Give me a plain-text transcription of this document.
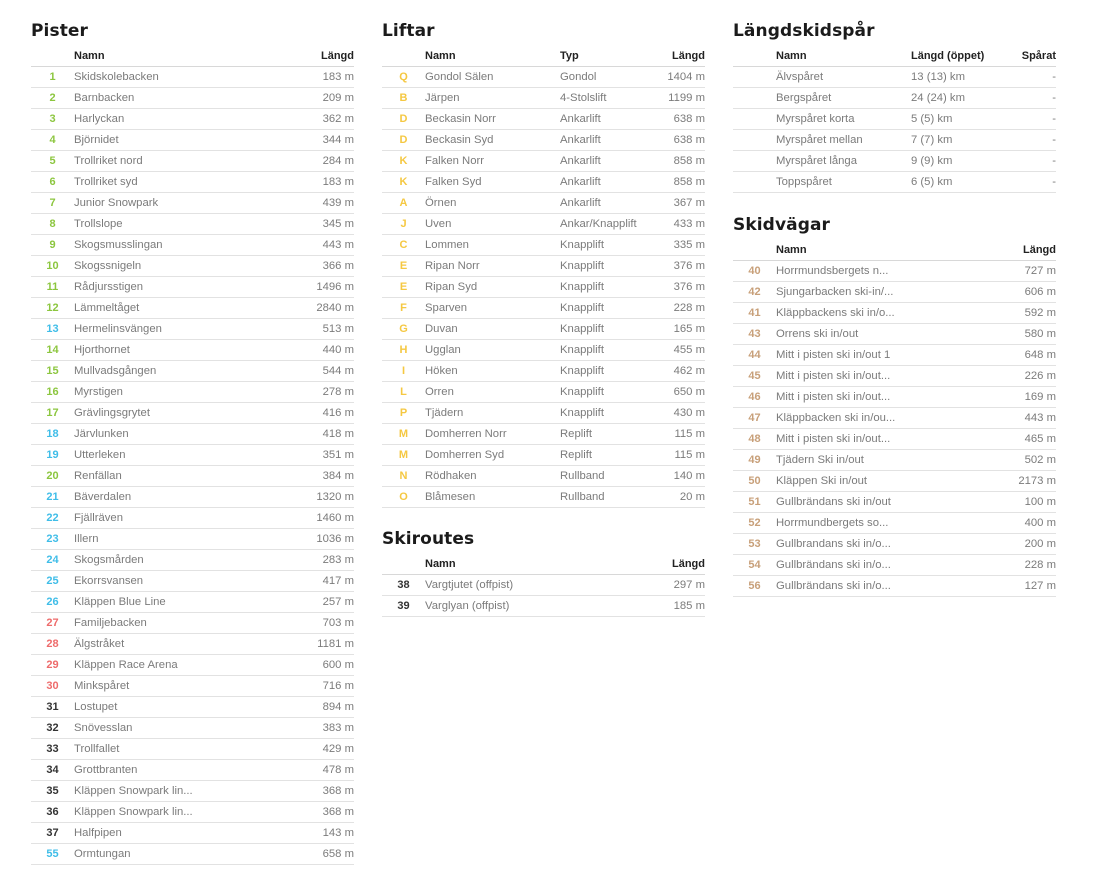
Pister
	Namn	Längd
1	Skidskolebacken	183 m
2	Barnbacken	209 m
3	Harlyckan	362 m
4	Björnidet	344 m
5	Trollriket nord	284 m
6	Trollriket syd	183 m
7	Junior Snowpark	439 m
8	Trollslope	345 m
9	Skogsmusslingan	443 m
10	Skogssnigeln	366 m
11	Rådjursstigen	1496 m
12	Lämmeltåget	2840 m
13	Hermelinsvängen	513 m
14	Hjorthornet	440 m
15	Mullvadsgången	544 m
16	Myrstigen	278 m
17	Grävlingsgrytet	416 m
18	Järvlunken	418 m
19	Utterleken	351 m
20	Renfällan	384 m
21	Bäverdalen	1320 m
22	Fjällräven	1460 m
23	Illern	1036 m
24	Skogsmården	283 m
25	Ekorrsvansen	417 m
26	Kläppen Blue Line	257 m
27	Familjebacken	703 m
28	Älgstråket	1181 m
29	Kläppen Race Arena	600 m
30	Minkspåret	716 m
31	Lostupet	894 m
32	Snövesslan	383 m
33	Trollfallet	429 m
34	Grottbranten	478 m
35	Kläppen Snowpark lin...	368 m
36	Kläppen Snowpark lin...	368 m
37	Halfpipen	143 m
55	Ormtungan	658 m
Liftar
	Namn	Typ	Längd
Q	Gondol Sälen	Gondol	1404 m
B	Järpen	4-Stolslift	1199 m
D	Beckasin Norr	Ankarlift	638 m
D	Beckasin Syd	Ankarlift	638 m
K	Falken Norr	Ankarlift	858 m
K	Falken Syd	Ankarlift	858 m
A	Örnen	Ankarlift	367 m
J	Uven	Ankar/Knapplift	433 m
C	Lommen	Knapplift	335 m
E	Ripan Norr	Knapplift	376 m
E	Ripan Syd	Knapplift	376 m
F	Sparven	Knapplift	228 m
G	Duvan	Knapplift	165 m
H	Ugglan	Knapplift	455 m
I	Höken	Knapplift	462 m
L	Orren	Knapplift	650 m
P	Tjädern	Knapplift	430 m
M	Domherren Norr	Replift	115 m
M	Domherren Syd	Replift	115 m
N	Rödhaken	Rullband	140 m
O	Blåmesen	Rullband	20 m
Skiroutes
	Namn	Längd
38	Vargtjutet (offpist)	297 m
39	Varglyan (offpist)	185 m
Längdskidspår
	Namn	Längd (öppet)	Spårat
	Älvspåret	13 (13) km	-
	Bergspåret	24 (24) km	-
	Myrspåret korta	5 (5) km	-
	Myrspåret mellan	7 (7) km	-
	Myrspåret långa	9 (9) km	-
	Toppspåret	6 (5) km	-
Skidvägar
	Namn	Längd
40	Horrmundsbergets n...	727 m
42	Sjungarbacken ski-in/...	606 m
41	Kläppbackens ski in/o...	592 m
43	Orrens ski in/out	580 m
44	Mitt i pisten ski in/out 1	648 m
45	Mitt i pisten ski in/out...	226 m
46	Mitt i pisten ski in/out...	169 m
47	Kläppbacken ski in/ou...	443 m
48	Mitt i pisten ski in/out...	465 m
49	Tjädern Ski in/out	502 m
50	Kläppen Ski in/out	2173 m
51	Gullbrändans ski in/out	100 m
52	Horrmundbergets so...	400 m
53	Gullbrandans ski in/o...	200 m
54	Gullbrändans ski in/o...	228 m
56	Gullbrändans ski in/o...	127 m
